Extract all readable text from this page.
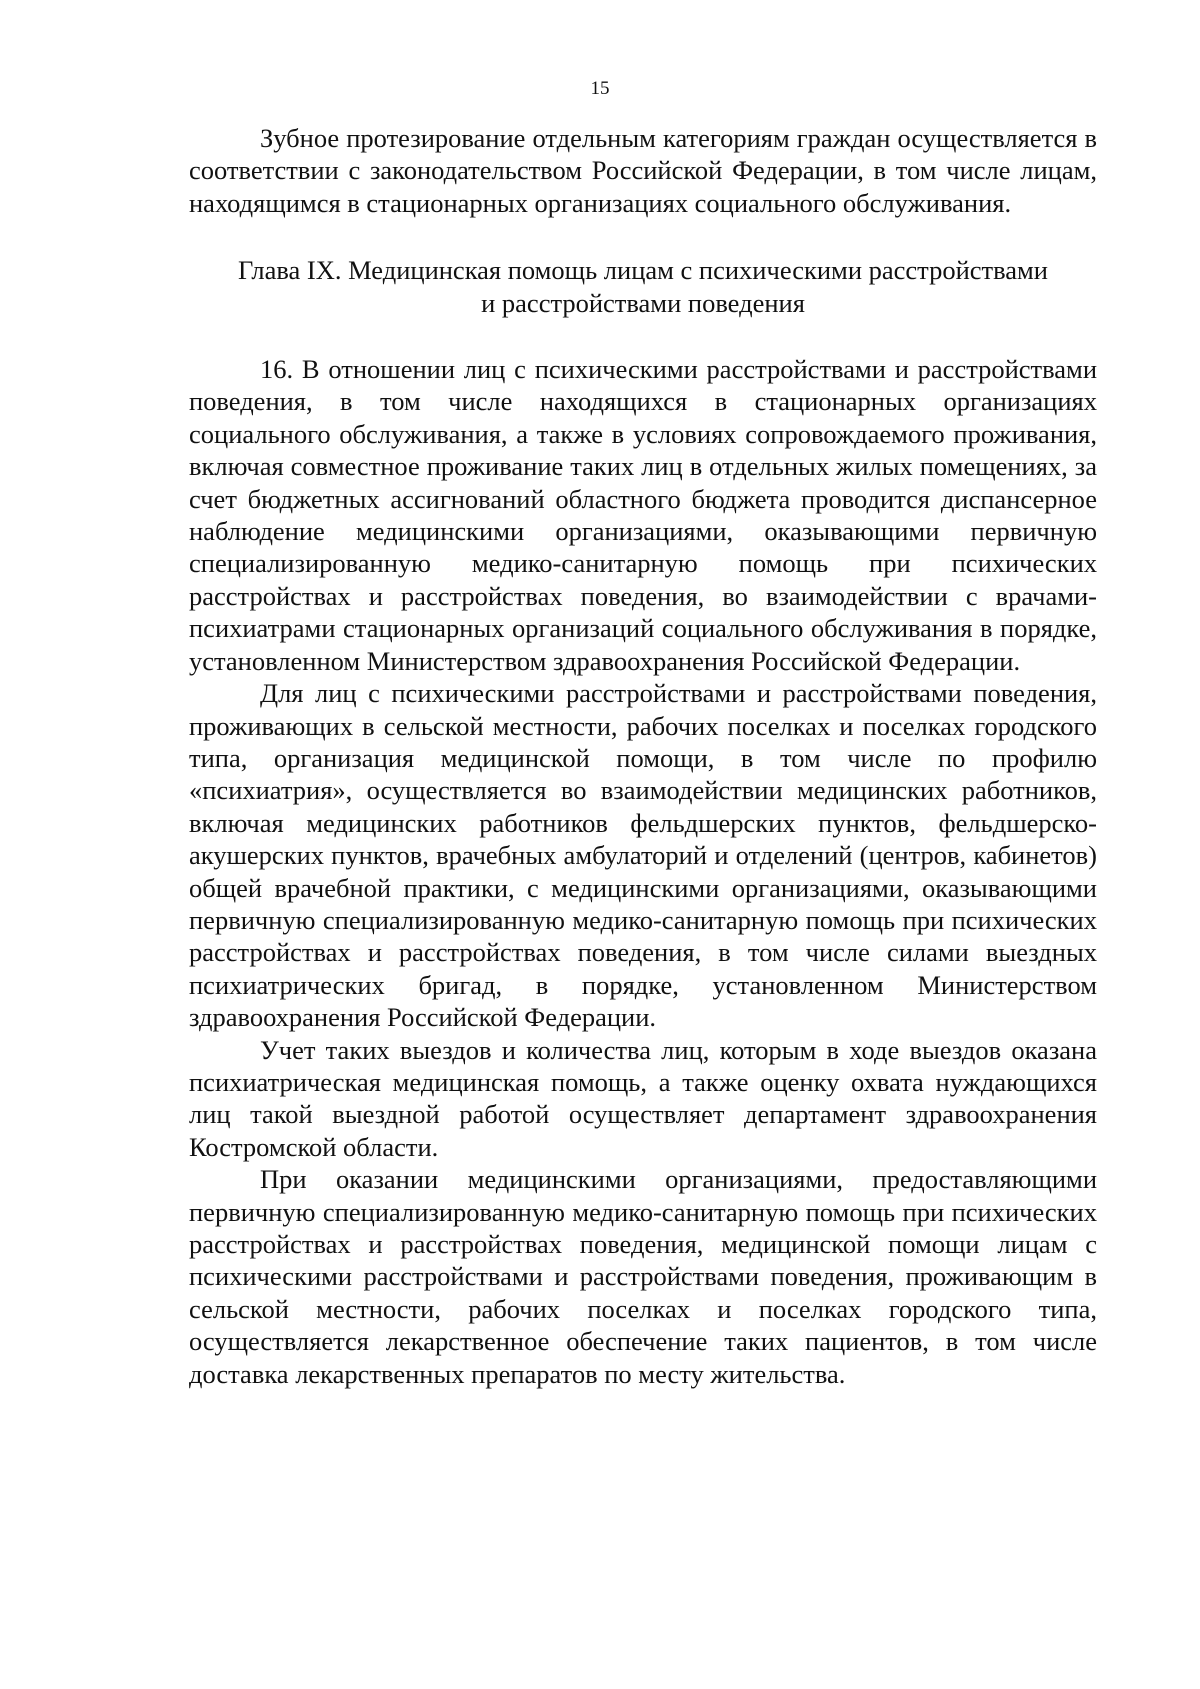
15

Зубное протезирование отдельным категориям граждан осуществляется в соответствии с законодательством Российской Федерации, в том числе лицам, находящимся в стационарных организациях социального обслуживания.

Глава IX. Медицинская помощь лицам с психическими расстройствами
и расстройствами поведения

16. В отношении лиц с психическими расстройствами и расстройствами поведения, в том числе находящихся в стационарных организациях социального обслуживания, а также в условиях сопровождаемого проживания, включая совместное проживание таких лиц в отдельных жилых помещениях, за счет бюджетных ассигнований областного бюджета проводится диспансерное наблюдение медицинскими организациями, оказывающими первичную специализированную медико-санитарную помощь при психических расстройствах и расстройствах поведения, во взаимодействии с врачами-психиатрами стационарных организаций социального обслуживания в порядке, установленном Министерством здравоохранения Российской Федерации.

Для лиц с психическими расстройствами и расстройствами поведения, проживающих в сельской местности, рабочих поселках и поселках городского типа, организация медицинской помощи, в том числе по профилю «психиатрия», осуществляется во взаимодействии медицинских работников, включая медицинских работников фельдшерских пунктов, фельдшерско-акушерских пунктов, врачебных амбулаторий и отделений (центров, кабинетов) общей врачебной практики, с медицинскими организациями, оказывающими первичную специализированную медико-санитарную помощь при психических расстройствах и расстройствах поведения, в том числе силами выездных психиатрических бригад, в порядке, установленном Министерством здравоохранения Российской Федерации.

Учет таких выездов и количества лиц, которым в ходе выездов оказана психиатрическая медицинская помощь, а также оценку охвата нуждающихся лиц такой выездной работой осуществляет департамент здравоохранения Костромской области.

При оказании медицинскими организациями, предоставляющими первичную специализированную медико-санитарную помощь при психических расстройствах и расстройствах поведения, медицинской помощи лицам с психическими расстройствами и расстройствами поведения, проживающим в сельской местности, рабочих поселках и поселках городского типа, осуществляется лекарственное обеспечение таких пациентов, в том числе доставка лекарственных препаратов по месту жительства.
